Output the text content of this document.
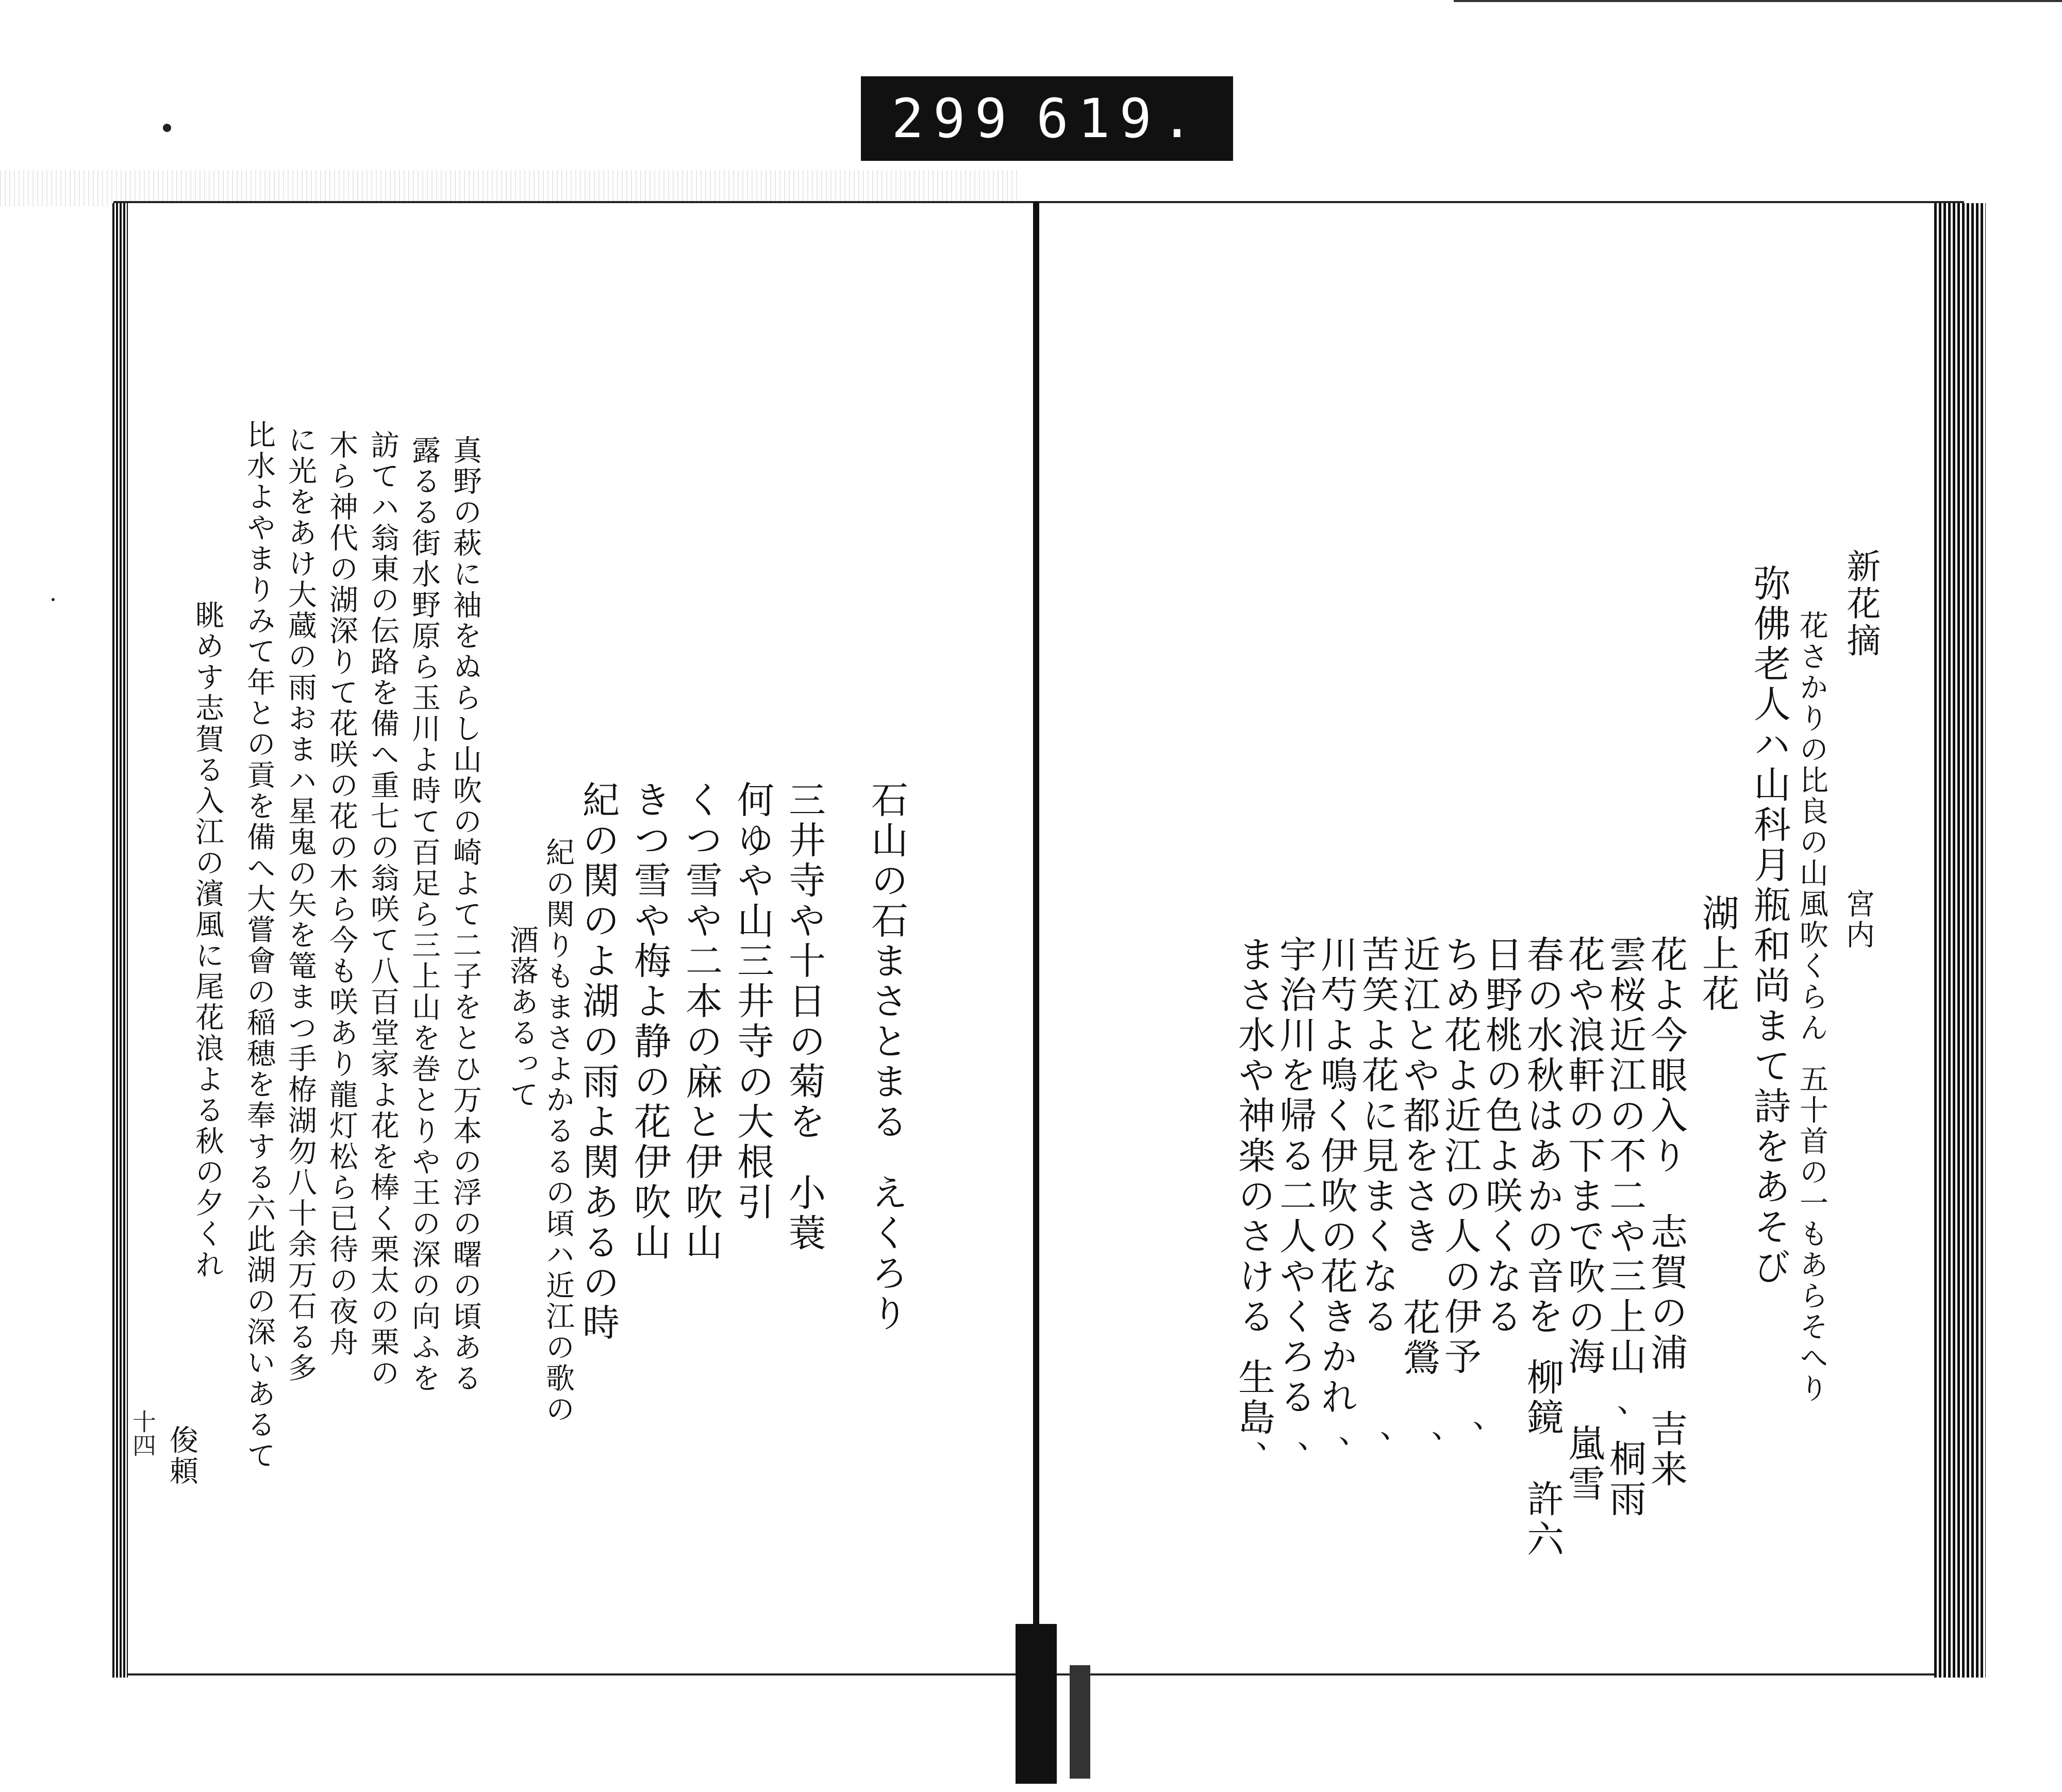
299 619.
石山の石まさとまるえくろり
三井寺や十日の菊を小蓑
何ゆや山三井寺の大根引
くつ雪や二本の麻と伊吹山
きつ雪や梅よ静の花伊吹山
紀の関のよ湖の雨よ関あるの時
紀の関りもまさよかるるの頃ハ近江の歌の
酒落あるって
真野の萩に袖をぬらし山吹の崎よて二子をとひ万本の浮の曙の頃ある
露るる街水野原ら玉川よ時て百足ら三上山を巻とりや王の深の向ふを
訪てハ翁東の伝路を備へ重七の翁咲て八百堂家よ花を棒く栗太の栗の
木ら神代の湖深りて花咲の花の木ら今も咲あり龍灯松ら已待の夜舟
に光をあけ大蔵の雨おまハ星鬼の矢を篭まつ手栫湖勿八十余万石る多
比水よやまりみて年との貢を備へ大嘗會の稲穂を奉する六此湖の深いあるて
眺めす志賀る入江の濱風に尾花浪よる秋の夕くれ
俊頼
十四
新花摘
花さかりの比良の山風吹くらん五十首の一もあらそへり
宮内
弥佛老人ハ山科月瓶和尚まて詩をあそび
湖上花
花よ今眼入り志賀の浦吉来
雲桜近江の不二や三上山桐雨
、
花や浪軒の下まで吹の海嵐雪
春の水秋はあかの音を柳鏡許六
日野桃の色よ咲くなる
ちめ花よ近江の人の伊予
、
近江とや都をさき花鶯
、
苦笑よ花に見まくなる
、
川芍よ鳴く伊吹の花きかれ
、
宇治川を帰る二人やくろる
、
まさ水や神楽のさける生島
、
